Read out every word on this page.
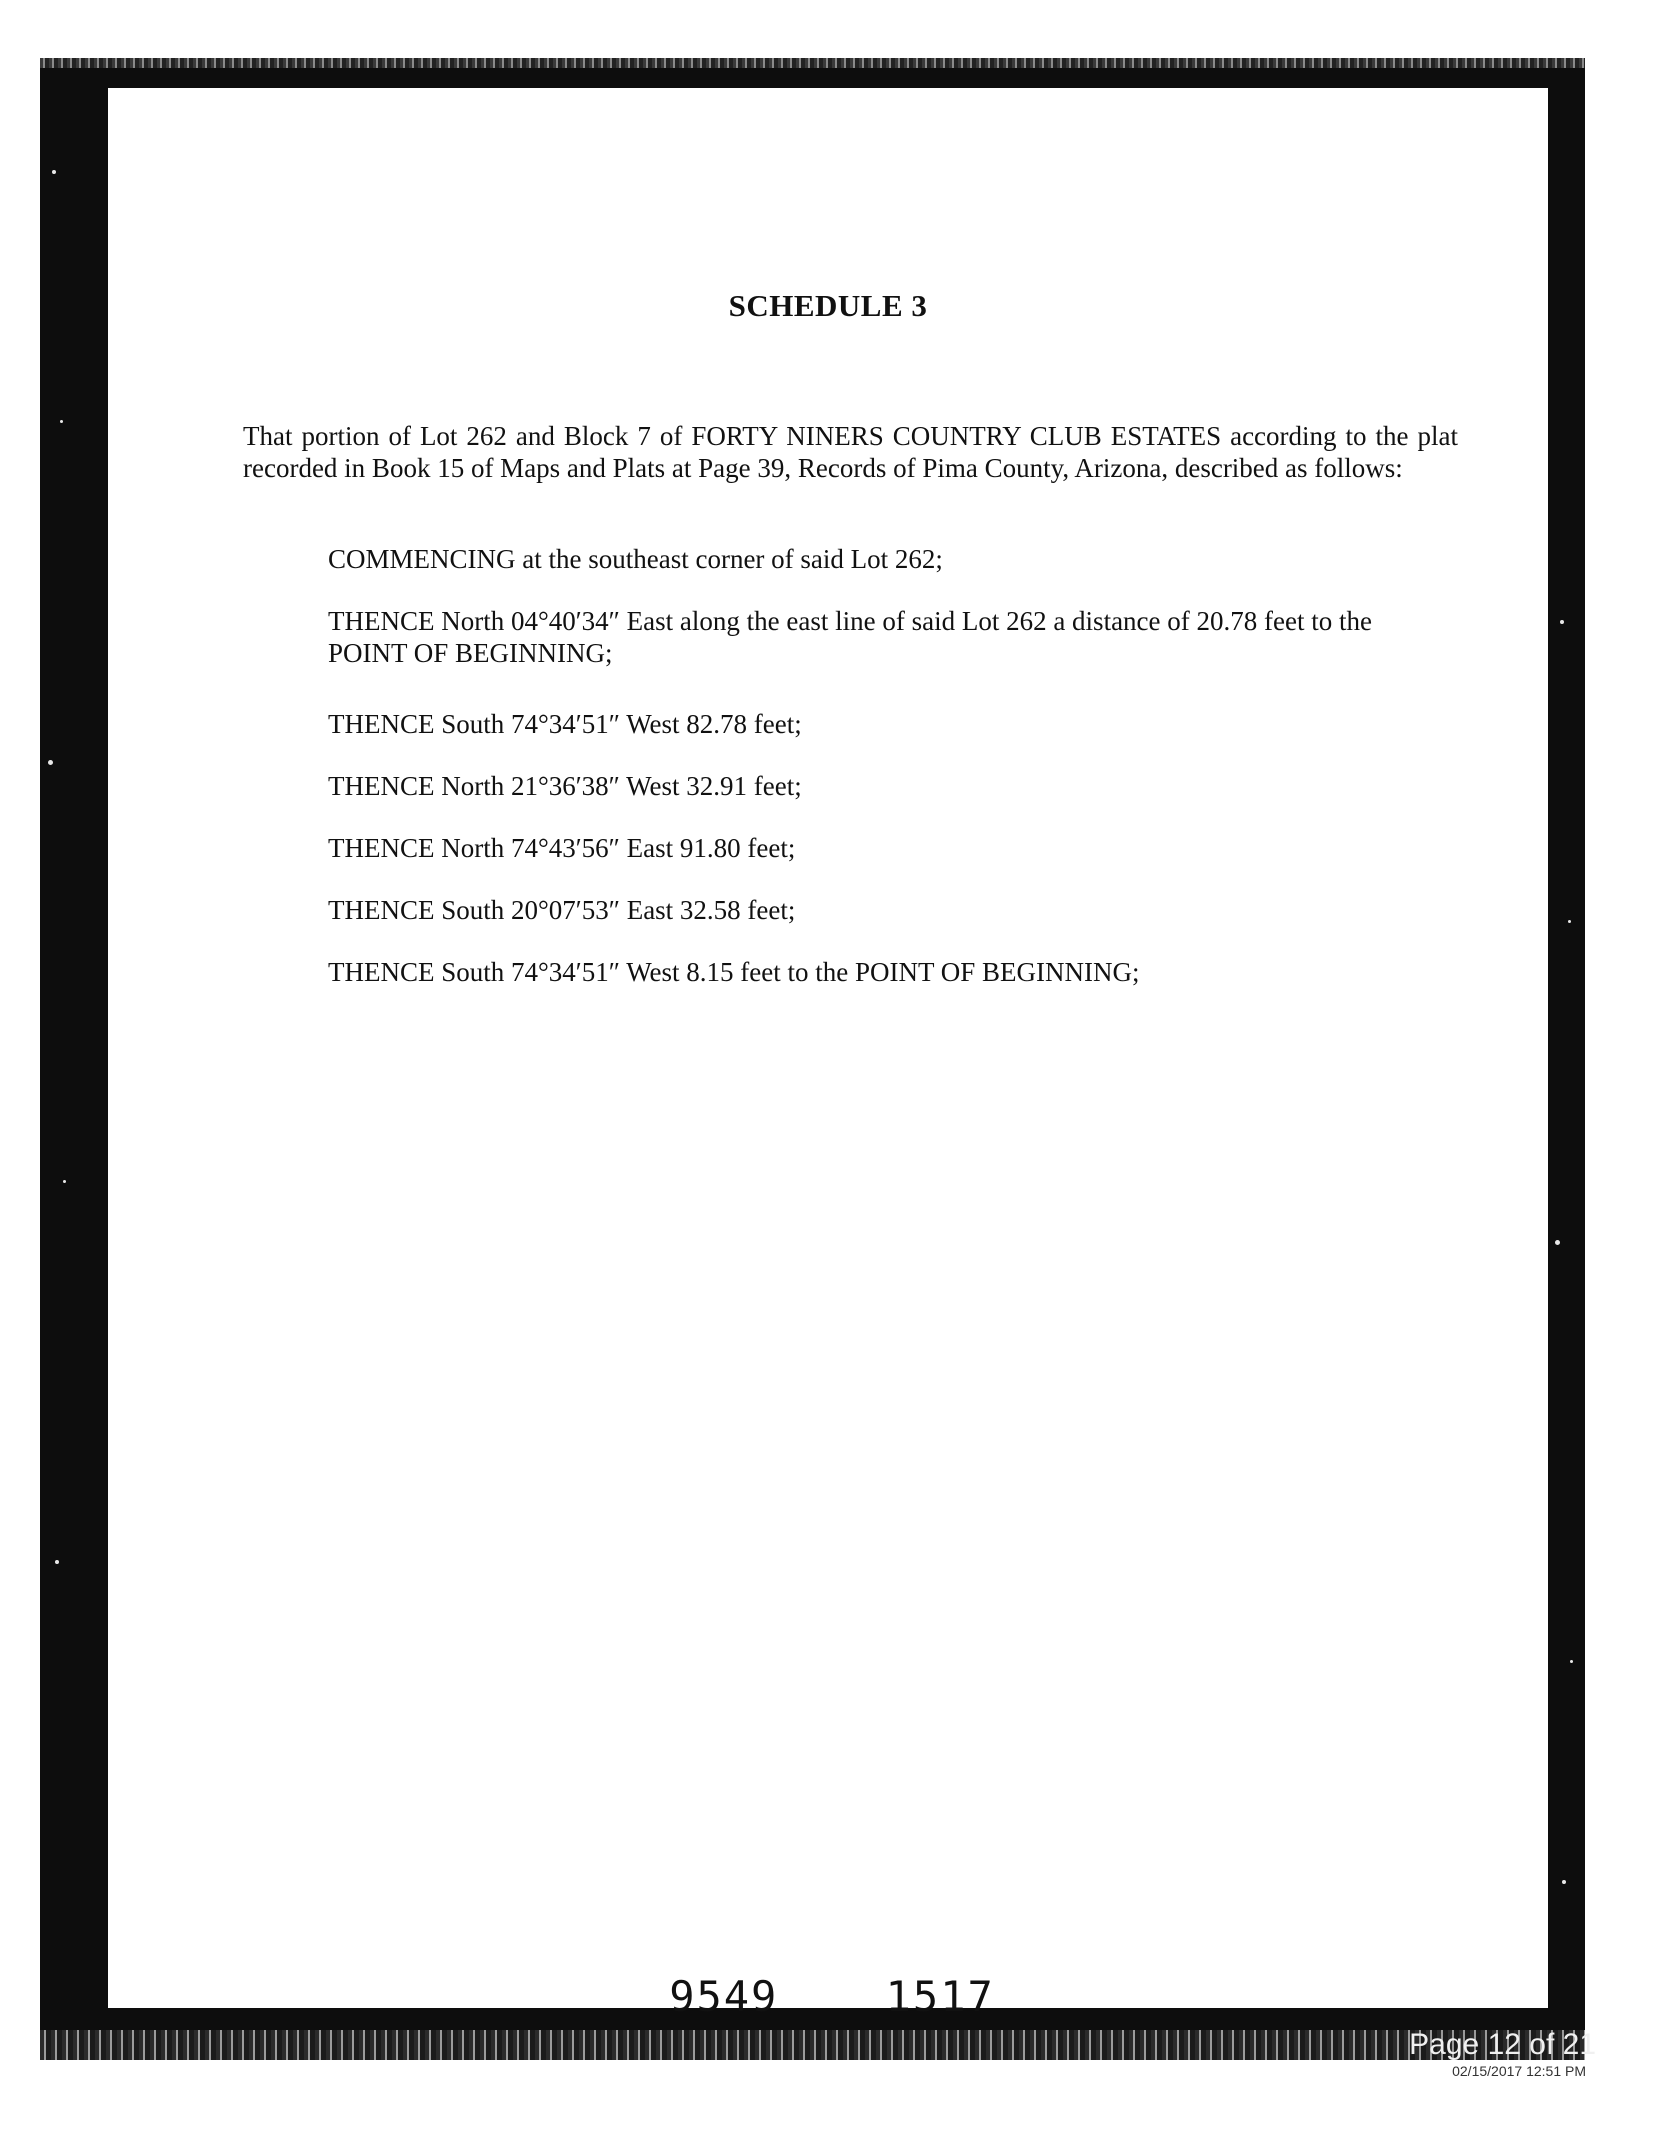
SCHEDULE 3

That portion of Lot 262 and Block 7 of FORTY NINERS COUNTRY CLUB ESTATES according to the plat recorded in Book 15 of Maps and Plats at Page 39, Records of Pima County, Arizona, described as follows:

COMMENCING at the southeast corner of said Lot 262;

THENCE North 04°40′34″ East along the east line of said Lot 262 a distance of 20.78 feet to the POINT OF BEGINNING;

THENCE South 74°34′51″ West 82.78 feet;

THENCE North 21°36′38″ West 32.91 feet;

THENCE North 74°43′56″ East 91.80 feet;

THENCE South 20°07′53″ East 32.58 feet;

THENCE South 74°34′51″ West 8.15 feet to the POINT OF BEGINNING;

9549	1517

Page 12 of 21

02/15/2017 12:51 PM
